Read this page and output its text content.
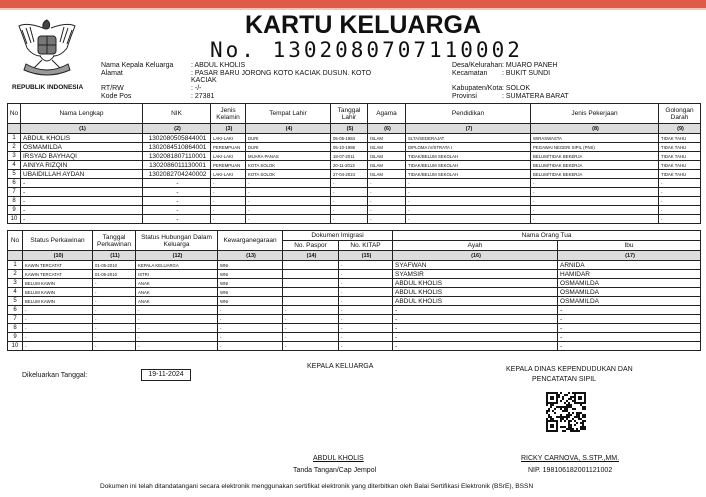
REPUBLIK INDONESIA
KARTU KELUARGA
No. 1302080707110002
Nama Kepala Keluarga	: ABDUL KHOLIS
Alamat	: PASAR BARU JORONG KOTO KACIAK DUSUN. KOTO
KACIAK
RT/RW	: -/-
Kode Pos	: 27381
Desa/Kelurahan : MUARO PANEH
Kecamatan : BUKIT SUNDI
Kabupaten/Kota : SOLOK
Provinsi	: SUMATERA BARAT
No	Nama Lengkap	NIK	Jenis Kelamin	Tempat Lahir	Tanggal Lahir	Agama	Pendidikan	Jenis Pekerjaan	Golongan Darah
	(1)	(2)	(3)	(4)	(5)	(6)	(7)	(8)	(9)
1	ABDUL KHOLIS	1302080505844001	LAKI-LAKI	DURI	05-05-1984	ISLAM	SLTA/SEDERAJAT	WIRASWASTA	TIDAK TAHU
2	OSMAMILDA	1302084510864001	PEREMPUAN	DURI	05-10-1986	ISLAM	DIPLOMA IV/STRATA I	PEGAWAI NEGERI SIPIL (PNS)	TIDAK TAHU
3	IRSYAD BAYHAQI	1302081807110001	LAKI-LAKI	MUARA PANAS	18-07-2011	ISLAM	TIDAK/BELUM SEKOLAH	BELUM/TIDAK BEKERJA	TIDAK TAHU
4	AINIYA RIZQIN	1302086011130001	PEREMPUAN	KOTA SOLOK	20-11-2013	ISLAM	TIDAK/BELUM SEKOLAH	BELUM/TIDAK BEKERJA	TIDAK TAHU
5	UBAIDILLAH AYDAN	1302082704240002	LAKI-LAKI	KOTA SOLOK	27-04-2024	ISLAM	TIDAK/BELUM SEKOLAH	BELUM/TIDAK BEKERJA	TIDAK TAHU
6	-	-	-	-	-	-	-	-	-
7	-	-	-	-	-	-	-	-	-
8	-	-	-	-	-	-	-	-	-
9	-	-	-	-	-	-	-	-	-
10	-	-	-	-	-	-	-	-	-
No	Status Perkawinan	Tanggal Perkawinan	Status Hubungan Dalam Keluarga	Kewarganegaraan	Dokumen Imigrasi		Nama Orang Tua	
					No. Paspor	No. KITAP	Ayah	Ibu
	(10)	(11)	(12)	(13)	(14)	(15)	(16)	(17)
1	KAWIN TERCATAT	01-05-2010	KEPALA KELUARGA	WNI		-	SYAFWAN	ARNIDA
2	KAWIN TERCATAT	01-05-2010	ISTRI	WNI		-	SYAMSIR	HAMIDAR
3	BELUM KAWIN	-	ANAK	WNI		-	ABDUL KHOLIS	OSMAMILDA
4	BELUM KAWIN	-	ANAK	WNI		-	ABDUL KHOLIS	OSMAMILDA
5	BELUM KAWIN	-	ANAK	WNI		-	ABDUL KHOLIS	OSMAMILDA
6	-	-	-	-	-	-	-	-
7	-	-	-	-	-	-	-	-
8	-	-	-	-	-	-	-	-
9	-	-	-	-	-	-	-	-
10	-	-	-	-	-	-	-	-
Dikeluarkan Tanggal:	19-11-2024
KEPALA KELUARGA	KEPALA DINAS KEPENDUDUKAN DAN
PENCATATAN SIPIL
ABDUL KHOLIS
Tanda Tangan/Cap Jempol
RICKY CARNOVA, S.STP.,MM.
NIP. 198106182001121002
Dokumen ini telah ditandatangani secara elektronik menggunakan sertifikat elektronik yang diterbitkan oleh Balai Sertifikasi Elektronik (BSrE), BSSN
